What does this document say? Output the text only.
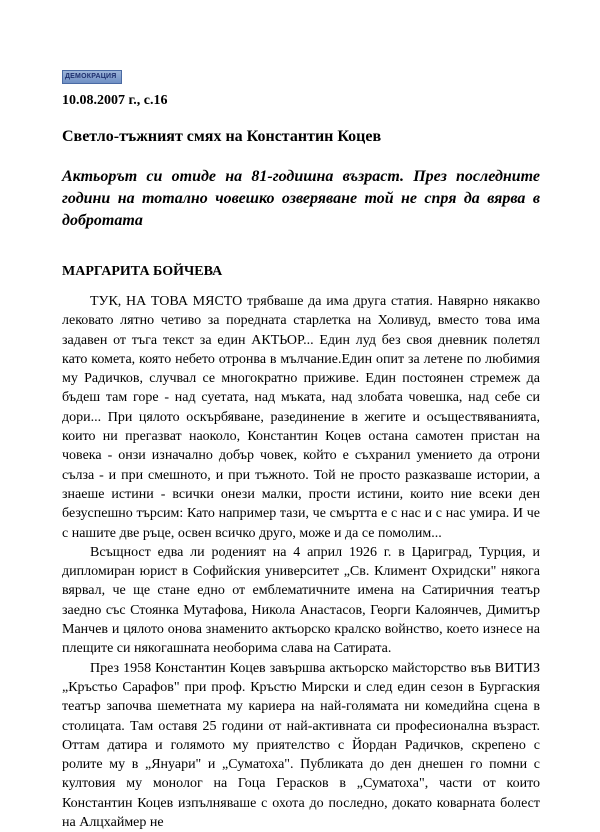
ДЕМОКРАЦИЯ
10.08.2007 г., с.16
Светло-тъжният смях на Константин Коцев
Актьорът си отиде на 81-годишна възраст. През последните години на тотално човешко озверяване той не спря да вярва в добротата
МАРГАРИТА БОЙЧЕВА

ТУК, НА ТОВА МЯСТО трябваше да има друга статия. Навярно някакво лековато лятно четиво за поредната старлетка на Холивуд, вместо това има задавен от тъга текст за един АКТЬОР... Един луд без своя дневник полетял като комета, която небето отронва в мълчание.Един опит за летене по любимия му Радичков, случвал се многократно приживе. Един постоянен стремеж да бъдеш там горе - над суетата, над мъката, над злобата човешка, над себе си дори... При цялото оскърбяване, разединение в жегите и осъществяванията, които ни прегазват наоколо, Константин Коцев остана самотен пристан на човека - онзи изначално добър човек, който е съхранил умението да отрони сълза - и при смешното, и при тъжното. Той не просто разказваше истории, а знаеше истини - всички онези малки, прости истини, които ние всеки ден безуспешно търсим: Като например тази, че смъртта е с нас и с нас умира. И че с нашите две ръце, освен всичко друго, може и да се помолим...

Всъщност едва ли роденият на 4 април 1926 г. в Цариград, Турция, и дипломиран юрист в Софийския университет „Св. Климент Охридски" някога вярвал, че ще стане едно от емблематичните имена на Сатиричния театър заедно със Стоянка Мутафова, Никола Анастасов, Георги Калоянчев, Димитър Манчев и цялото онова знаменито актьорско кралско войнство, което изнесе на плещите си някогашната необорима слава на Сатирата.

През 1958 Константин Коцев завършва актьорско майсторство във ВИТИЗ „Кръстьо Сарафов" при проф. Кръстю Мирски и след един сезон в Бургаския театър започва шеметната му кариера на най-голямата ни комедийна сцена в столицата. Там оставя 25 години от най-активната си професионална възраст. Оттам датира и голямото му приятелство с Йордан Радичков, скрепено с ролите му в „Януари" и „Суматоха". Публиката до ден днешен го помни с култовия му монолог на Гоца Герасков в „Суматоха", части от които Константин Коцев изпълняваше с охота до последно, докато коварната болест на Алцхаймер не
